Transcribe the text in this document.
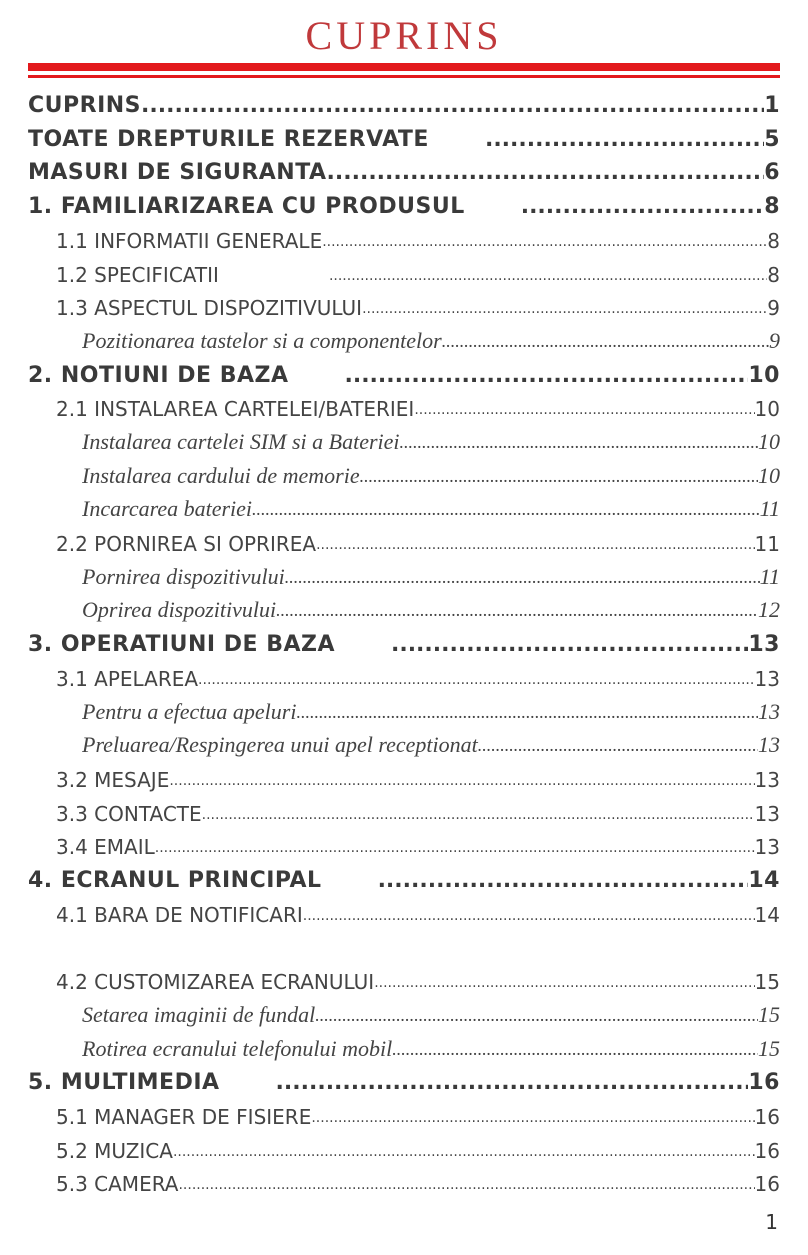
CUPRINS
CUPRINS .....	1
TOATE DREPTURILE REZERVATE .....	5
MASURI DE SIGURANTA .....	6
1. FAMILIARIZAREA CU PRODUSUL .....	8
1.1 INFORMATII GENERALE .....	8
1.2 SPECIFICATII .....	8
1.3 ASPECTUL DISPOZITIVULUI .....	9
Pozitionarea tastelor si a componentelor .....	9
2. NOTIUNI DE BAZA .....	10
2.1 INSTALAREA CARTELEI/BATERIEI .....	10
Instalarea cartelei SIM si a Bateriei .....	10
Instalarea cardului de memorie .....	10
Incarcarea bateriei .....	11
2.2 PORNIREA SI OPRIREA .....	11
Pornirea dispozitivului .....	11
Oprirea dispozitivului .....	12
3. OPERATIUNI DE BAZA .....	13
3.1 APELAREA .....	13
Pentru a efectua apeluri .....	13
Preluarea/Respingerea unui apel receptionat .....	13
3.2 MESAJE .....	13
3.3 CONTACTE .....	13
3.4 EMAIL .....	13
4. ECRANUL PRINCIPAL .....	14
4.1 BARA DE NOTIFICARI .....	14
4.2 CUSTOMIZAREA ECRANULUI .....	15
Setarea imaginii de fundal .....	15
Rotirea ecranului telefonului mobil .....	15
5. MULTIMEDIA .....	16
5.1 MANAGER DE FISIERE .....	16
5.2 MUZICA .....	16
5.3 CAMERA .....	16
1
